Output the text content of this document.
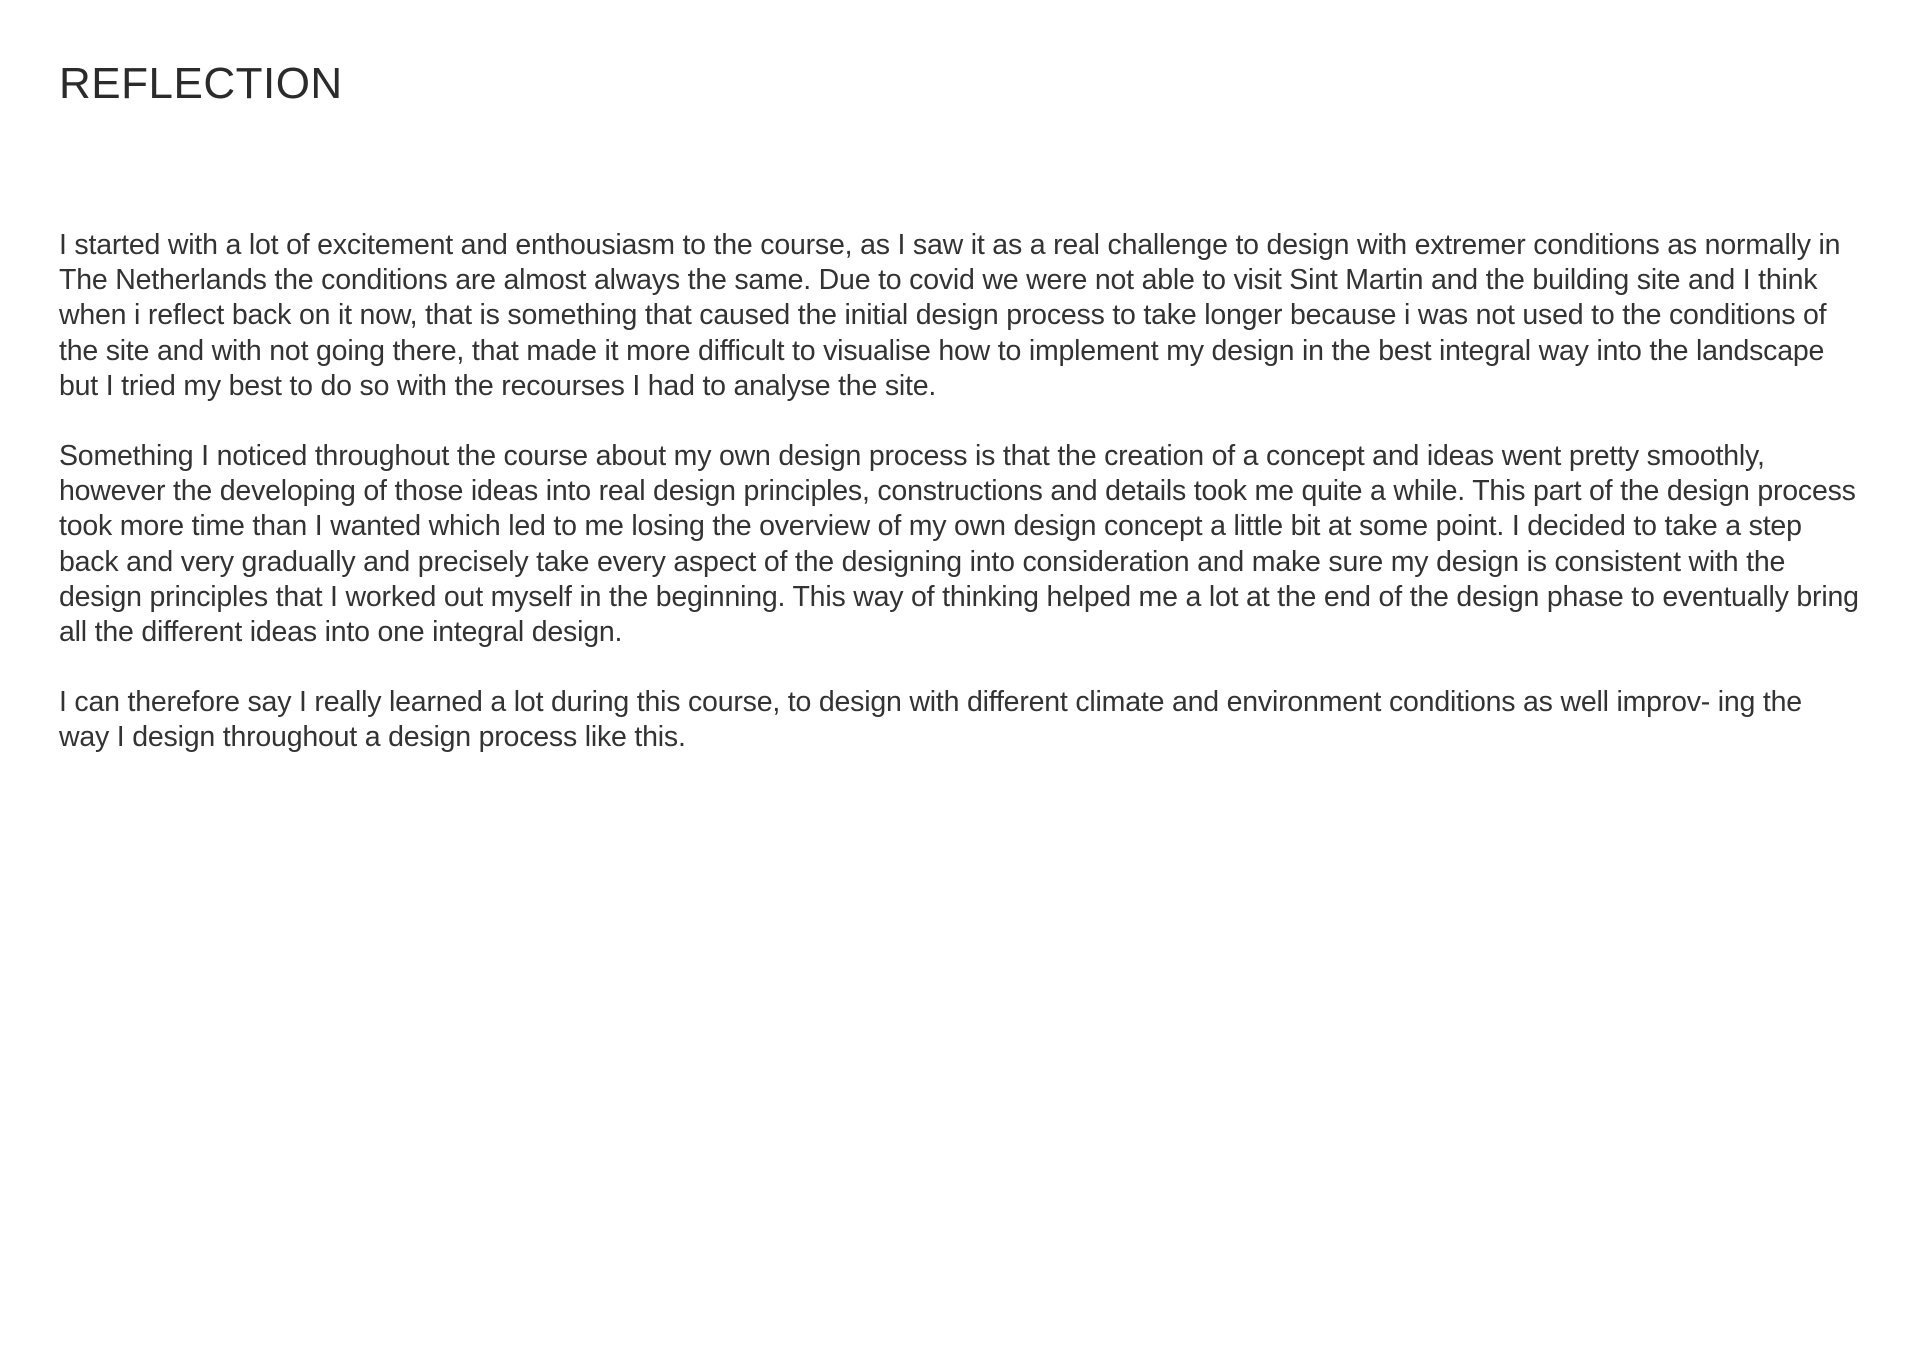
REFLECTION

I started with a lot of excitement and enthousiasm to the course, as I saw it as a real challenge to design with extremer conditions as normally in The Netherlands the conditions are almost always the same. Due to covid we were not able to visit Sint Martin and the building site and I think when i reflect back on it now, that is something that caused the initial design process to take longer because i was not used to the conditions of the site and with not going there, that made it more difficult to visualise how to implement my design in the best integral way into the landscape but I tried my best to do so with the recourses I had to analyse the site.

Something I noticed throughout the course about my own design process is that the creation of a concept and ideas went pretty smoothly, however the developing of those ideas into real design principles, constructions and details took me quite a while. This part of the design process took more time than I wanted which led to me losing the overview of my own design concept a little bit at some point. I decided to take a step back and very gradually and precisely take every aspect of the designing into consideration and make sure my design is consistent with the design principles that I worked out myself in the beginning. This way of thinking helped me a lot at the end of the design phase to eventually bring all the different ideas into one integral design.

I can therefore say I really learned a lot during this course, to design with different climate and environment conditions as well improv- ing the way I design throughout a design process like this.
